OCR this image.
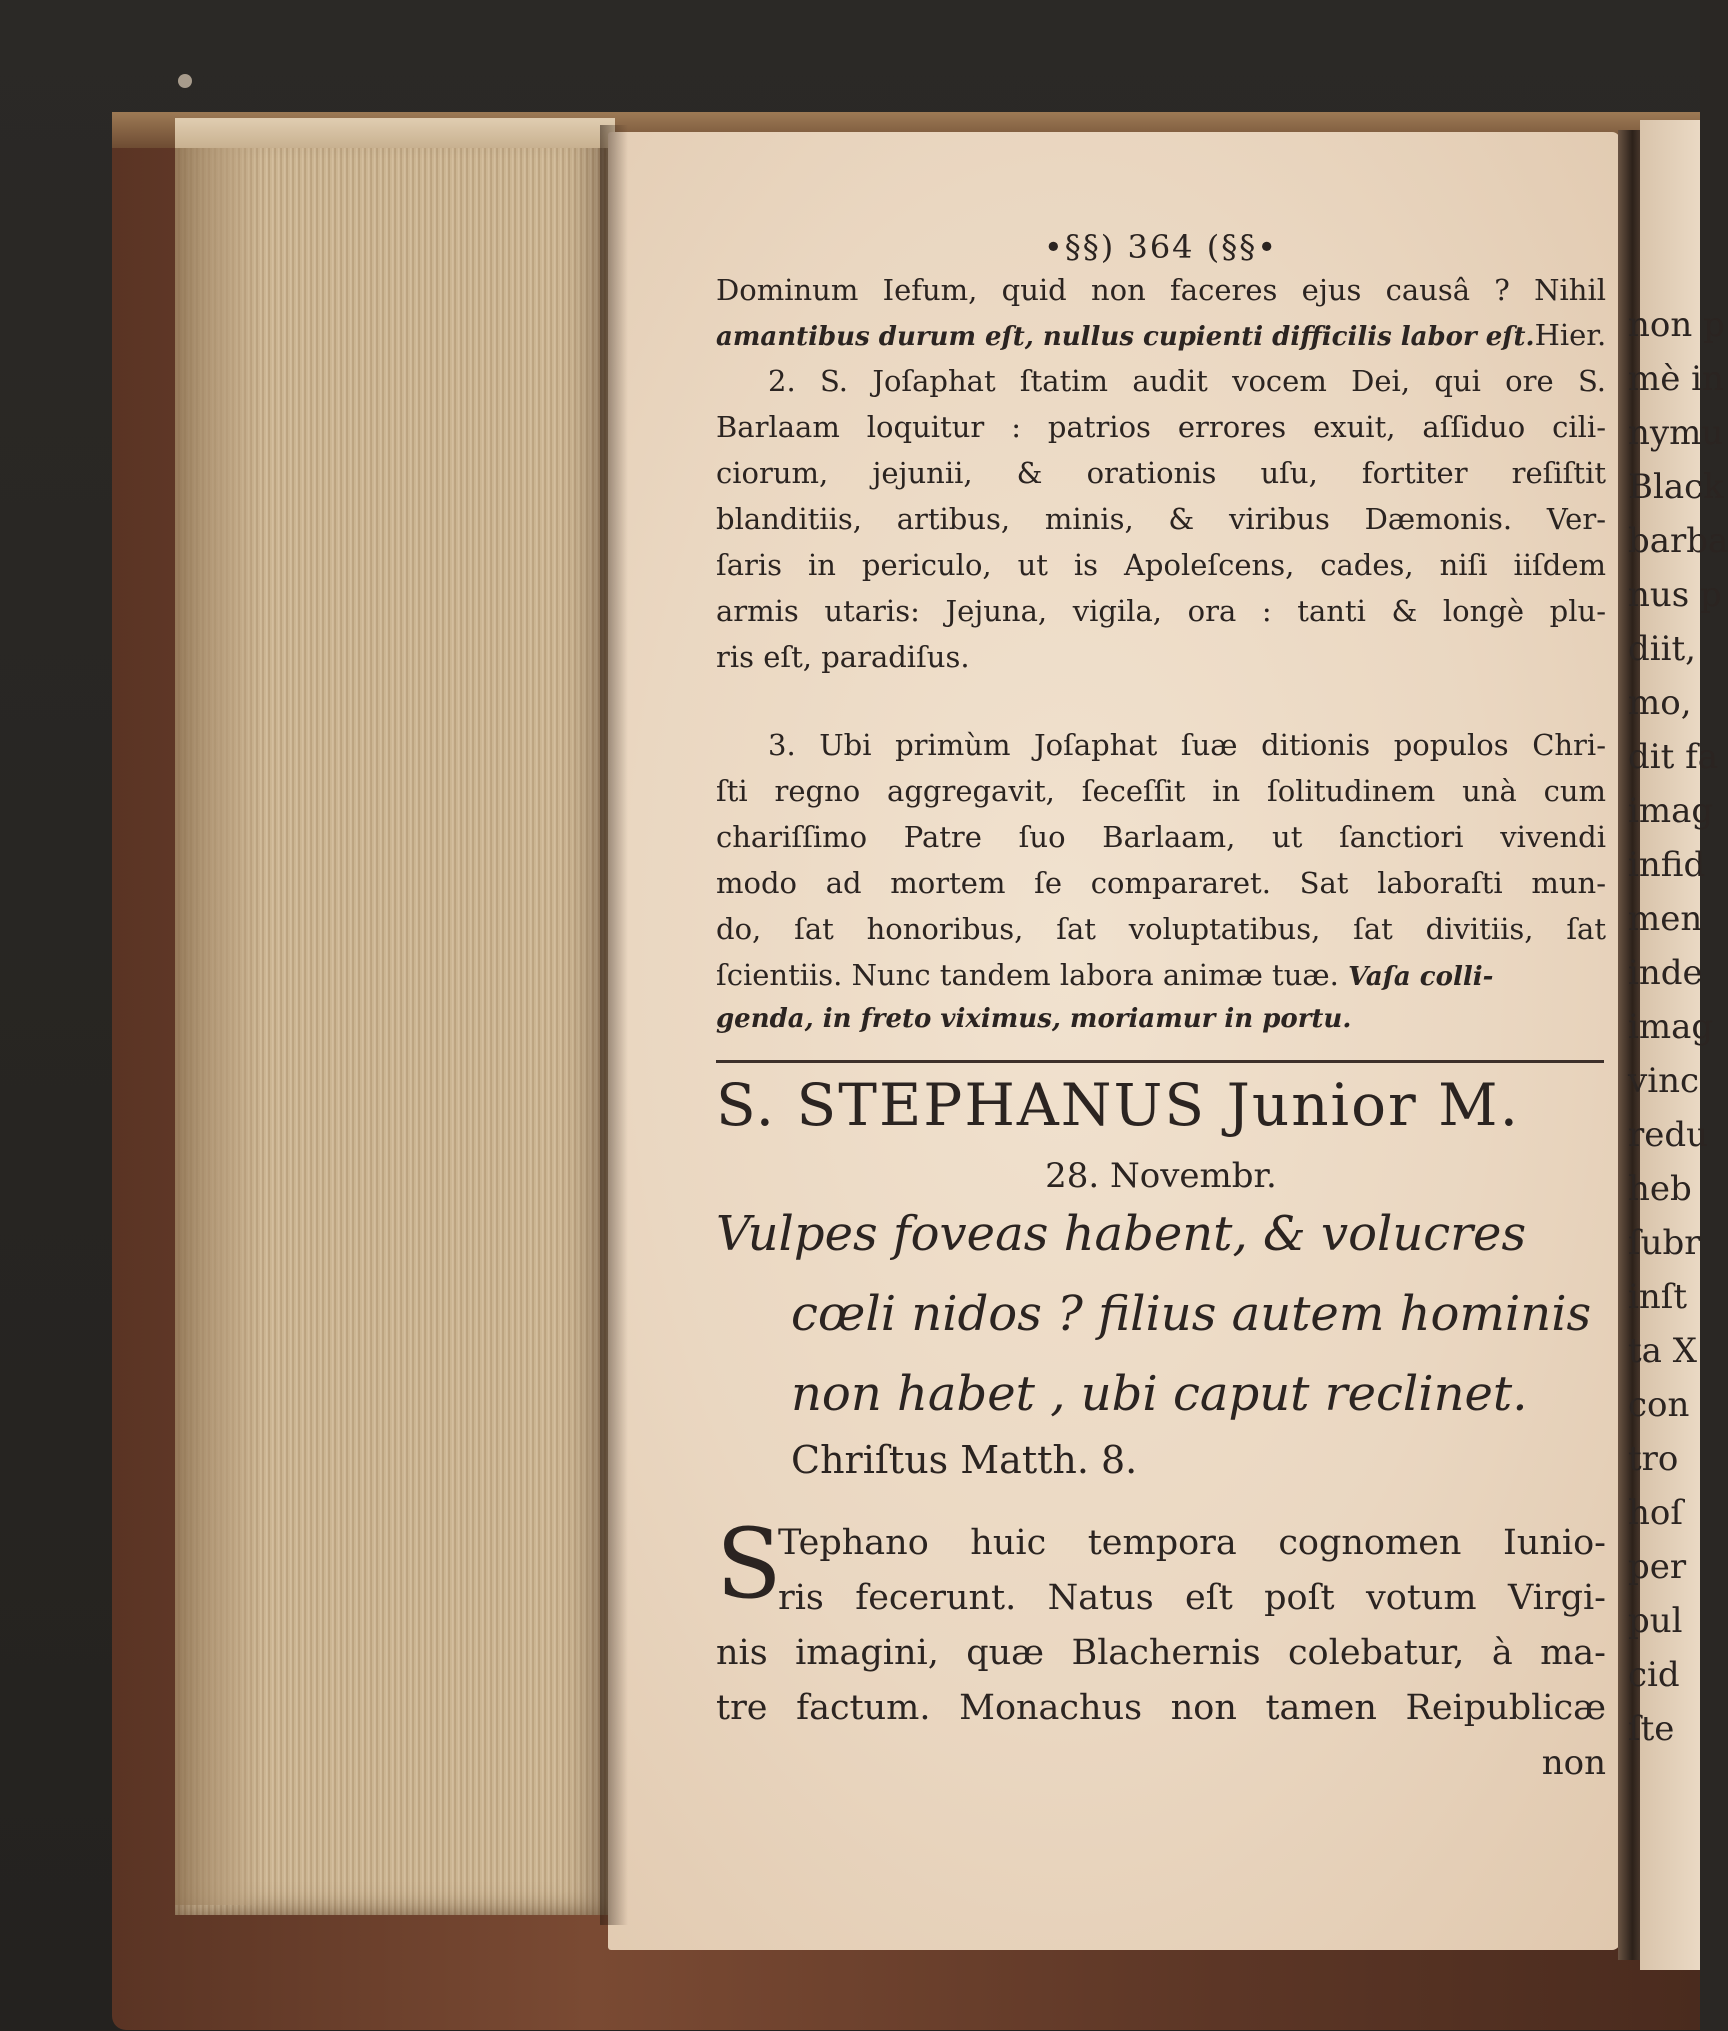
•§§) 364 (§§•
Dominum Iefum, quid non faceres ejus causâ ? Nihil
amantibus durum eſt, nullus cupienti difficilis labor eſt.Hier.
2. S. Joſaphat ſtatim audit vocem Dei, qui ore S.
Barlaam loquitur : patrios errores exuit, aſſiduo cili-
ciorum, jejunii, & orationis uſu, fortiter reſiſtit
blanditiis, artibus, minis, & viribus Dæmonis. Ver-
ſaris in periculo, ut is Apoleſcens, cades, niſi iiſdem
armis utaris: Jejuna, vigila, ora : tanti & longè plu-
ris eſt, paradiſus.
3. Ubi primùm Joſaphat ſuæ ditionis populos Chri-
ſti regno aggregavit, ſeceſſit in ſolitudinem unà cum
chariſſimo Patre ſuo Barlaam, ut ſanctiori vivendi
modo ad mortem ſe compararet. Sat laboraſti mun-
do, ſat honoribus, ſat voluptatibus, ſat divitiis, ſat
ſcientiis. Nunc tandem labora animæ tuæ. Vaſa colli-
genda, in freto viximus, moriamur in portu.
S. STEPHANUS Junior M.
28. Novembr.
Vulpes foveas habent, & volucres
cœli nidos ? filius autem hominis
non habet , ubi caput reclinet.
Chriſtus Matth. 8.
S
Tephano huic tempora cognomen Iunio-
ris fecerunt. Natus eſt poſt votum Virgi-
nis imagini, quæ Blachernis colebatur, à ma-
tre factum. Monachus non tamen Reipublicæ
non
non p
mè in
nymu
Black
barba
nus p
diit,
mo,
dit fa
imag
infid
men
inde
imag
vinc
redu
heb
ſubr
inſt
ta X
con
tro
hoſ
per
pul
cid
ſte
